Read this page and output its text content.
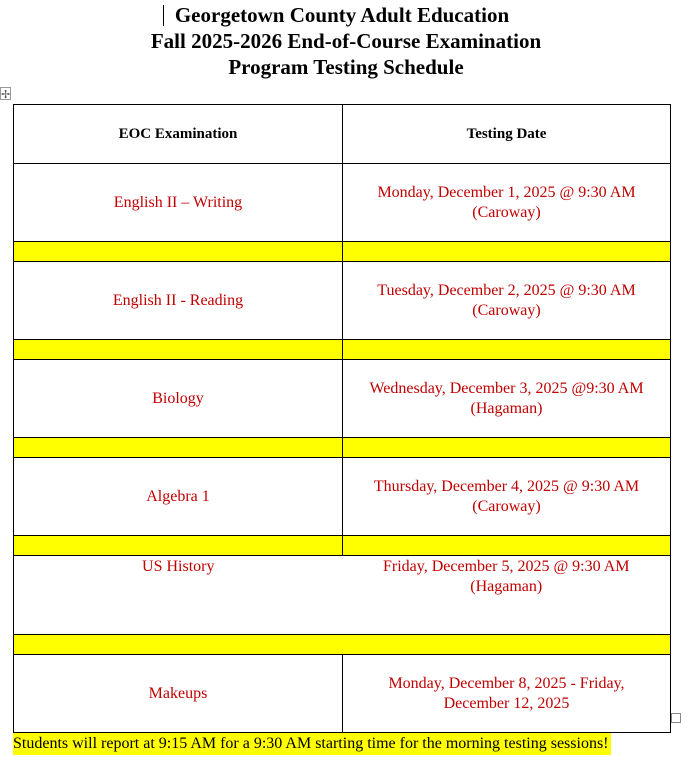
Georgetown County Adult Education
Fall 2025-2026 End-of-Course Examination
Program Testing Schedule
✢
EOC Examination	Testing Date
English II – Writing	Monday, December 1, 2025 @ 9:30 AM
(Caroway)

English II - Reading	Tuesday, December 2, 2025 @ 9:30 AM
(Caroway)

Biology	Wednesday, December 3, 2025 @9:30 AM
(Hagaman)

Algebra 1	Thursday, December 4, 2025 @ 9:30 AM
(Caroway)

US History	Friday, December 5, 2025 @ 9:30 AM
(Hagaman)

Makeups	Monday, December 8, 2025 - Friday,
December 12, 2025
Students will report at 9:15 AM for a 9:30 AM starting time for the morning testing sessions!
